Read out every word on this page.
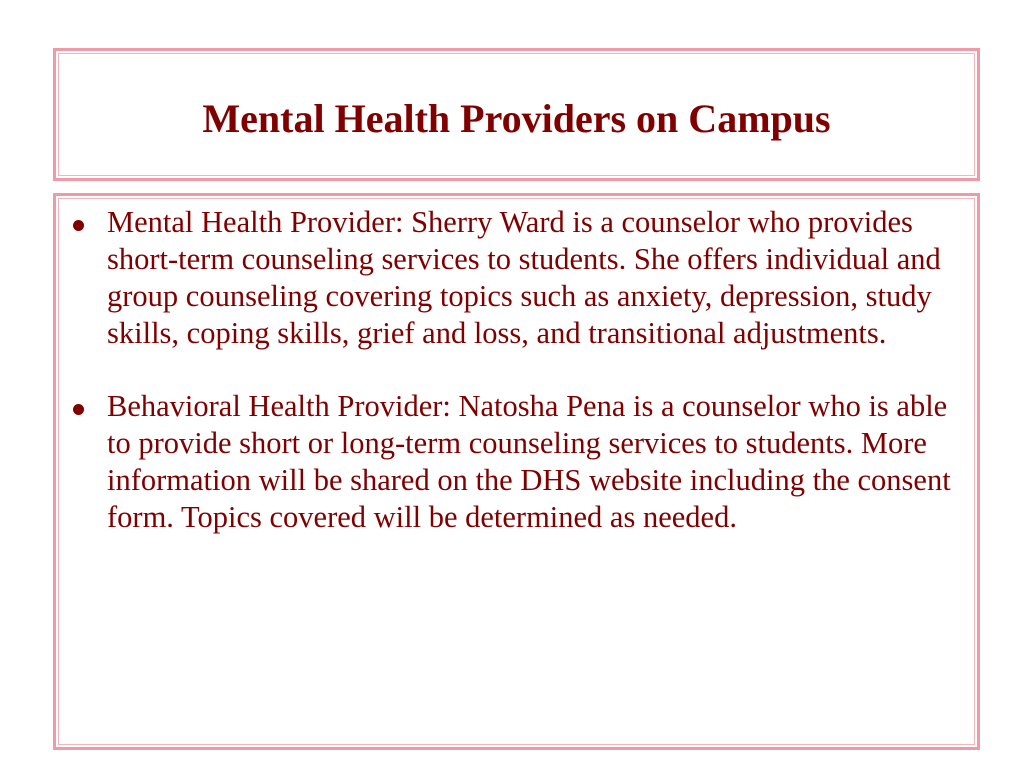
Mental Health Providers on Campus
Mental Health Provider: Sherry Ward is a counselor who provides short-term counseling services to students. She offers individual and group counseling covering topics such as anxiety, depression, study skills, coping skills, grief and loss, and transitional adjustments.
Behavioral Health Provider: Natosha Pena is a counselor who is able to provide short or long-term counseling services to students. More information will be shared on the DHS website including the consent form. Topics covered will be determined as needed.
